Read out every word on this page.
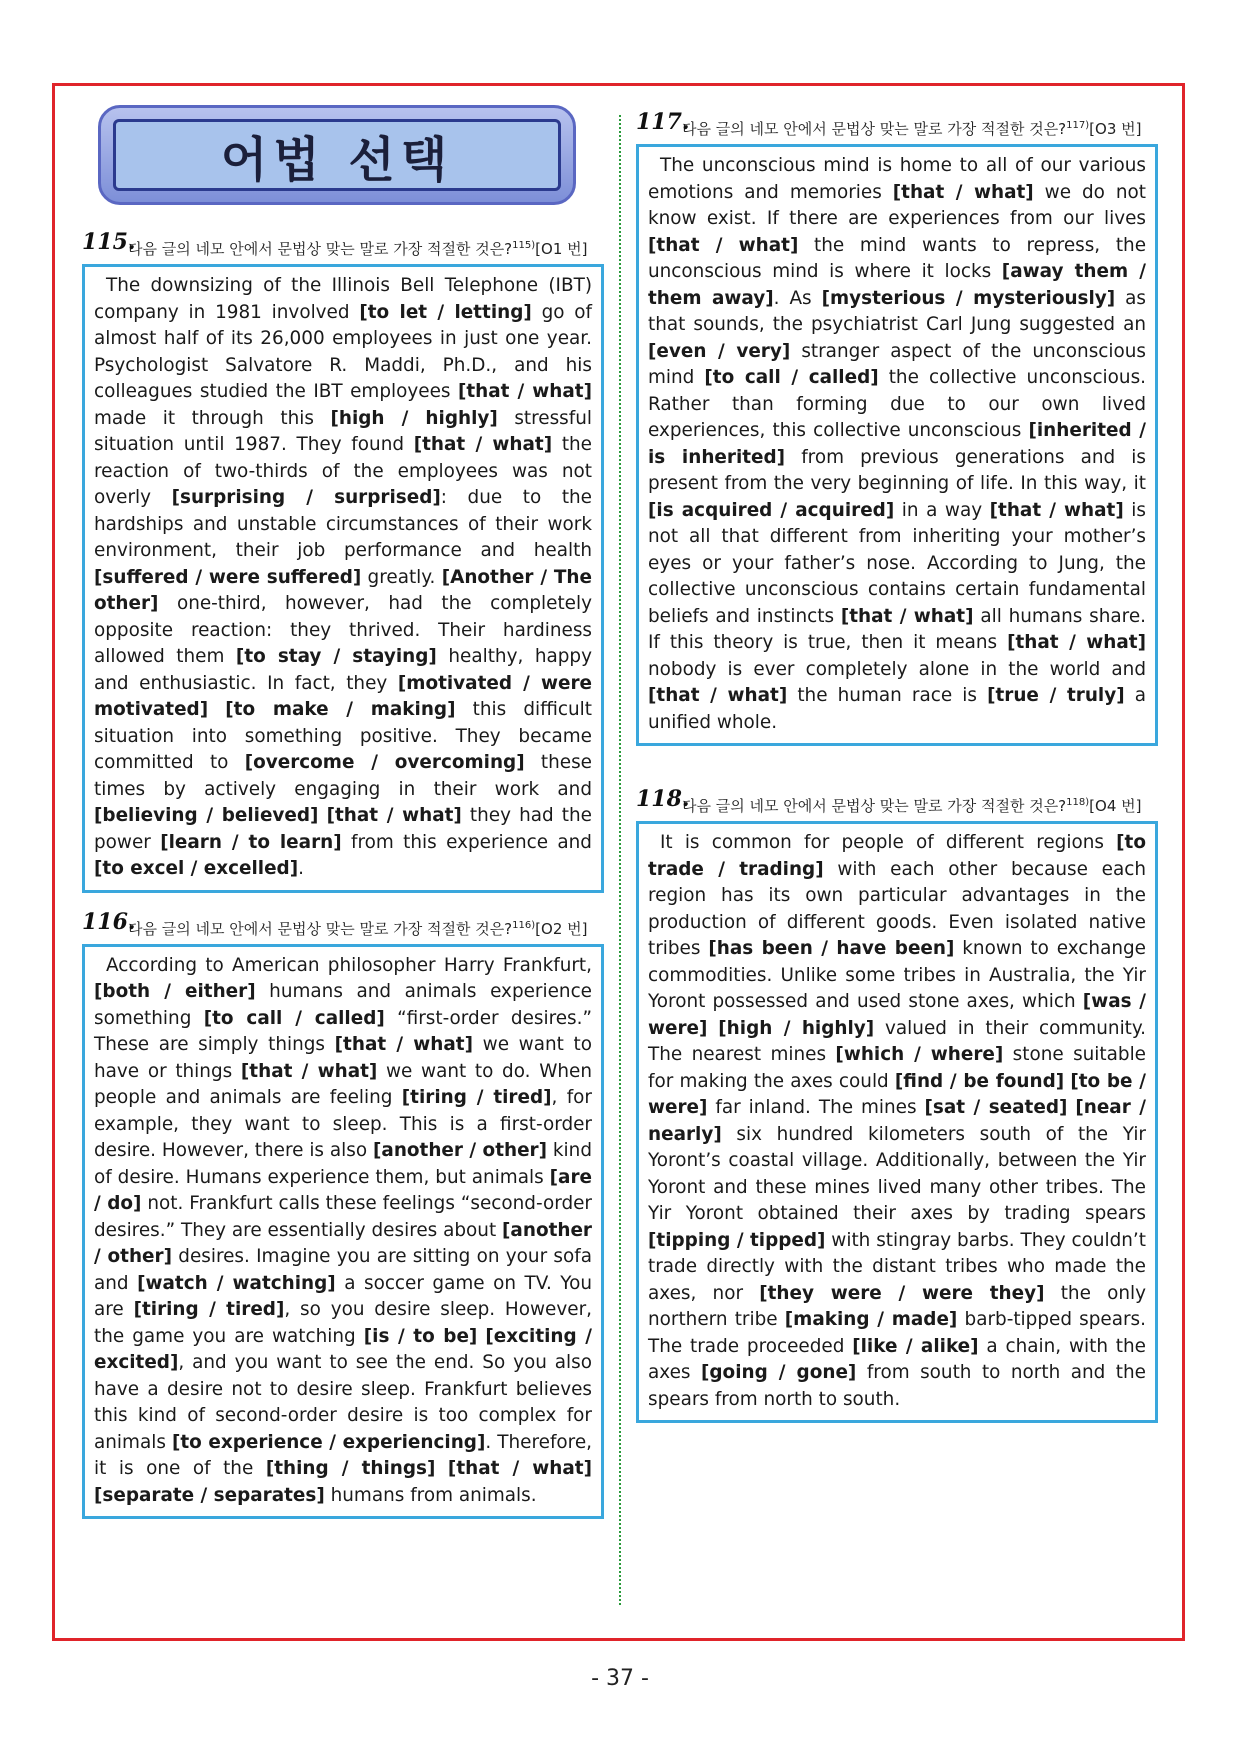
어법 선택
115.
다음 글의 네모 안에서 문법상 맞는 말로 가장 적절한 것은?$^{115)}$[O1 번]

The downsizing of the Illinois Bell Telephone (IBT) company in 1981 involved [to let / letting] go of almost half of its 26,000 employees in just one year. Psychologist Salvatore R. Maddi, Ph.D., and his colleagues studied the IBT employees [that / what] made it through this [high / highly] stressful situation until 1987. They found [that / what] the reaction of two-thirds of the employees was not overly [surprising / surprised]: due to the hardships and unstable circumstances of their work environment, their job performance and health [suffered / were suffered] greatly. [Another / The other] one-third, however, had the completely opposite reaction: they thrived. Their hardiness allowed them [to stay / staying] healthy, happy and enthusiastic. In fact, they [motivated / were motivated] [to make / making] this difficult situation into something positive. They became committed to [overcome / overcoming] these times by actively engaging in their work and [believing / believed] [that / what] they had the power [learn / to learn] from this experience and [to excel / excelled].

116.
다음 글의 네모 안에서 문법상 맞는 말로 가장 적절한 것은?$^{116)}$[O2 번]

According to American philosopher Harry Frankfurt, [both / either] humans and animals experience something [to call / called] “first-order desires.” These are simply things [that / what] we want to have or things [that / what] we want to do. When people and animals are feeling [tiring / tired], for example, they want to sleep. This is a first-order desire. However, there is also [another / other] kind of desire. Humans experience them, but animals [are / do] not. Frankfurt calls these feelings “second-order desires.” They are essentially desires about [another / other] desires. Imagine you are sitting on your sofa and [watch / watching] a soccer game on TV. You are [tiring / tired], so you desire sleep. However, the game you are watching [is / to be] [exciting / excited], and you want to see the end. So you also have a desire not to desire sleep. Frankfurt believes this kind of second-order desire is too complex for animals [to experience / experiencing]. Therefore, it is one of the [thing / things] [that / what] [separate / separates] humans from animals.

117.
다음 글의 네모 안에서 문법상 맞는 말로 가장 적절한 것은?$^{117)}$[O3 번]

The unconscious mind is home to all of our various emotions and memories [that / what] we do not know exist. If there are experiences from our lives [that / what] the mind wants to repress, the unconscious mind is where it locks [away them / them away]. As [mysterious / mysteriously] as that sounds, the psychiatrist Carl Jung suggested an [even / very] stranger aspect of the unconscious mind [to call / called] the collective unconscious. Rather than forming due to our own lived experiences, this collective unconscious [inherited / is inherited] from previous generations and is present from the very beginning of life. In this way, it [is acquired / acquired] in a way [that / what] is not all that different from inheriting your mother’s eyes or your father’s nose. According to Jung, the collective unconscious contains certain fundamental beliefs and instincts [that / what] all humans share. If this theory is true, then it means [that / what] nobody is ever completely alone in the world and [that / what] the human race is [true / truly] a unified whole.

118.
다음 글의 네모 안에서 문법상 맞는 말로 가장 적절한 것은?$^{118)}$[O4 번]

It is common for people of different regions [to trade / trading] with each other because each region has its own particular advantages in the production of different goods. Even isolated native tribes [has been / have been] known to exchange commodities. Unlike some tribes in Australia, the Yir Yoront possessed and used stone axes, which [was / were] [high / highly] valued in their community. The nearest mines [which / where] stone suitable for making the axes could [find / be found] [to be / were] far inland. The mines [sat / seated] [near / nearly] six hundred kilometers south of the Yir Yoront’s coastal village. Additionally, between the Yir Yoront and these mines lived many other tribes. The Yir Yoront obtained their axes by trading spears [tipping / tipped] with stingray barbs. They couldn’t trade directly with the distant tribes who made the axes, nor [they were / were they] the only northern tribe [making / made] barb-tipped spears. The trade proceeded [like / alike] a chain, with the axes [going / gone] from south to north and the spears from north to south.

- 37 -
